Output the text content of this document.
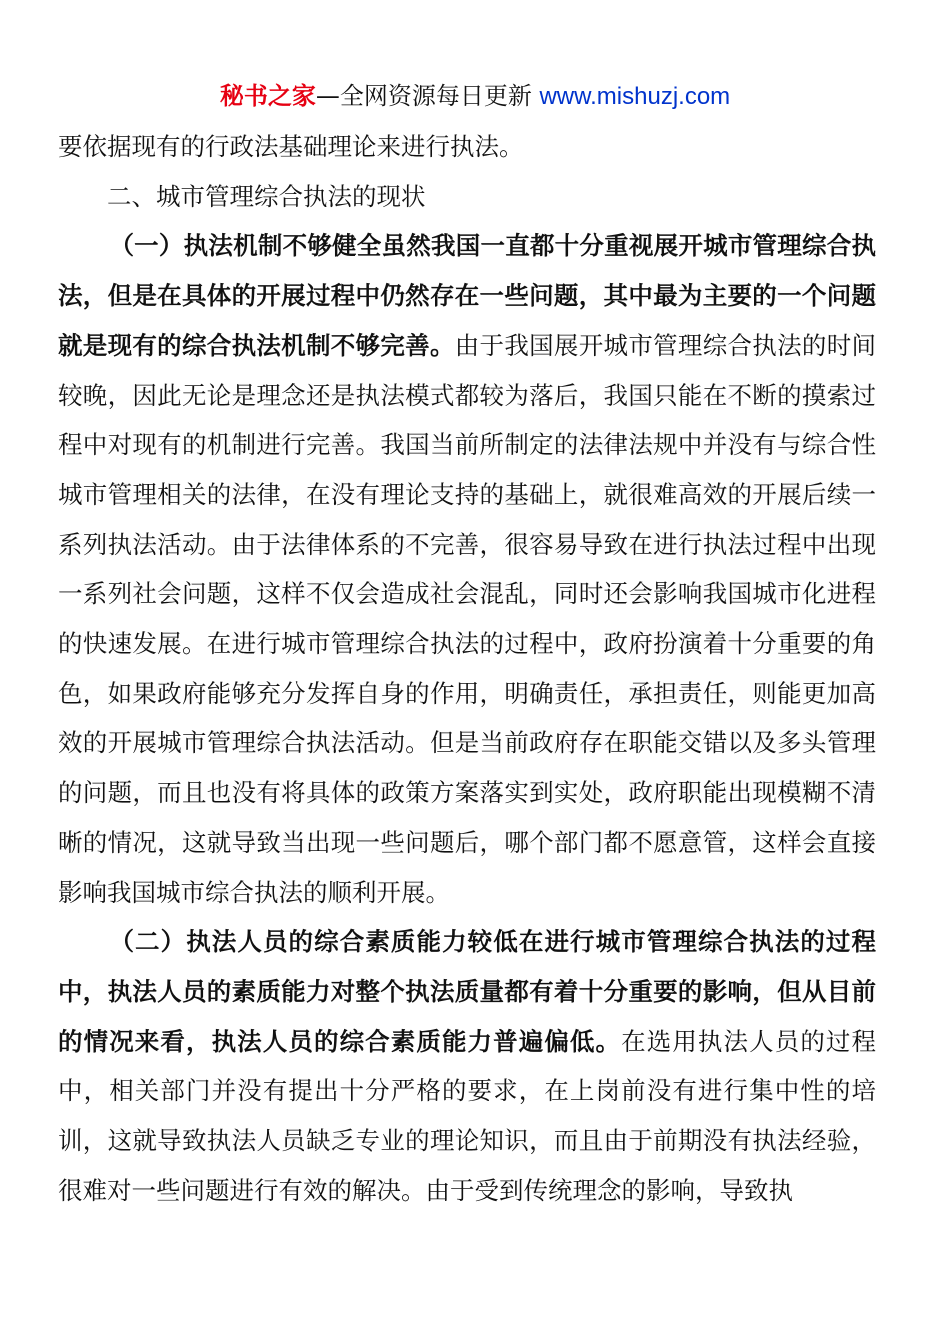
秘书之家—全网资源每日更新 www.mishuzj.com

要依据现有的行政法基础理论来进行执法。

二、城市管理综合执法的现状

（一）执法机制不够健全虽然我国一直都十分重视展开城市管理综合执法，但是在具体的开展过程中仍然存在一些问题，其中最为主要的一个问题就是现有的综合执法机制不够完善。由于我国展开城市管理综合执法的时间较晚，因此无论是理念还是执法模式都较为落后，我国只能在不断的摸索过程中对现有的机制进行完善。我国当前所制定的法律法规中并没有与综合性城市管理相关的法律，在没有理论支持的基础上，就很难高效的开展后续一系列执法活动。由于法律体系的不完善，很容易导致在进行执法过程中出现一系列社会问题，这样不仅会造成社会混乱，同时还会影响我国城市化进程的快速发展。在进行城市管理综合执法的过程中，政府扮演着十分重要的角色，如果政府能够充分发挥自身的作用，明确责任，承担责任，则能更加高效的开展城市管理综合执法活动。但是当前政府存在职能交错以及多头管理的问题，而且也没有将具体的政策方案落实到实处，政府职能出现模糊不清晰的情况，这就导致当出现一些问题后，哪个部门都不愿意管，这样会直接影响我国城市综合执法的顺利开展。

（二）执法人员的综合素质能力较低在进行城市管理综合执法的过程中，执法人员的素质能力对整个执法质量都有着十分重要的影响，但从目前的情况来看，执法人员的综合素质能力普遍偏低。在选用执法人员的过程中，相关部门并没有提出十分严格的要求，在上岗前没有进行集中性的培训，这就导致执法人员缺乏专业的理论知识，而且由于前期没有执法经验，很难对一些问题进行有效的解决。由于受到传统理念的影响，导致执
